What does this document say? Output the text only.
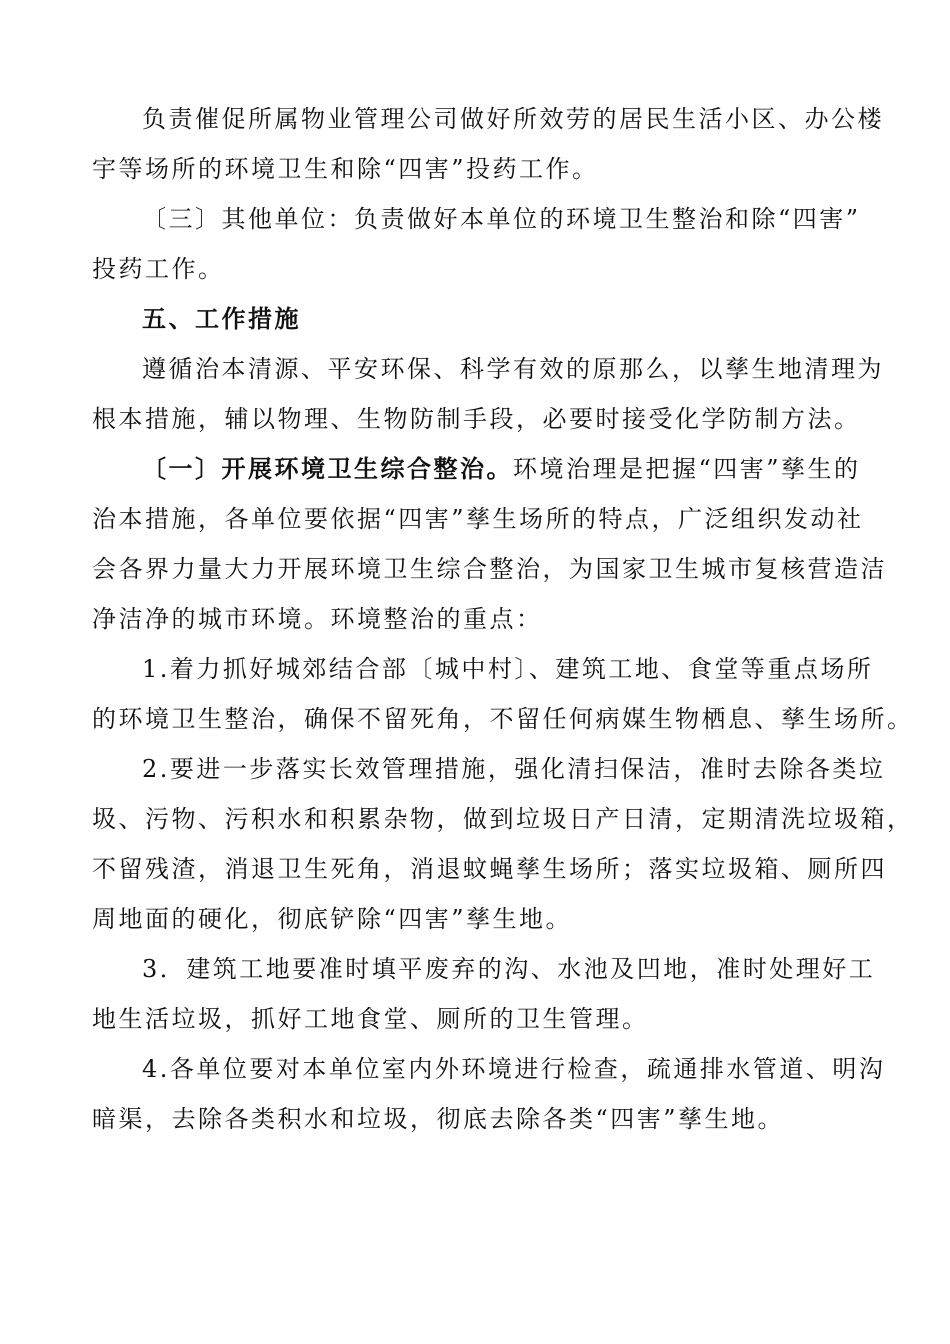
负责催促所属物业管理公司做好所效劳的居民生活小区、办公楼
宇等场所的环境卫生和除“四害”投药工作。
〔三〕其他单位：负责做好本单位的环境卫生整治和除“四害”
投药工作。
五、工作措施
遵循治本清源、平安环保、科学有效的原那么，以孳生地清理为
根本措施，辅以物理、生物防制手段，必要时接受化学防制方法。
〔一〕开展环境卫生综合整治。环境治理是把握“四害”孳生的
治本措施，各单位要依据“四害”孳生场所的特点，广泛组织发动社
会各界力量大力开展环境卫生综合整治，为国家卫生城市复核营造洁
净洁净的城市环境。环境整治的重点：
1.着力抓好城郊结合部〔城中村〕、建筑工地、食堂等重点场所
的环境卫生整治，确保不留死角，不留任何病媒生物栖息、孳生场所。
2.要进一步落实长效管理措施，强化清扫保洁，准时去除各类垃
圾、污物、污积水和积累杂物，做到垃圾日产日清，定期清洗垃圾箱，
不留残渣，消退卫生死角，消退蚊蝇孳生场所；落实垃圾箱、厕所四
周地面的硬化，彻底铲除“四害”孳生地。
3．建筑工地要准时填平废弃的沟、水池及凹地，准时处理好工
地生活垃圾，抓好工地食堂、厕所的卫生管理。
4.各单位要对本单位室内外环境进行检查，疏通排水管道、明沟
暗渠，去除各类积水和垃圾，彻底去除各类“四害”孳生地。
